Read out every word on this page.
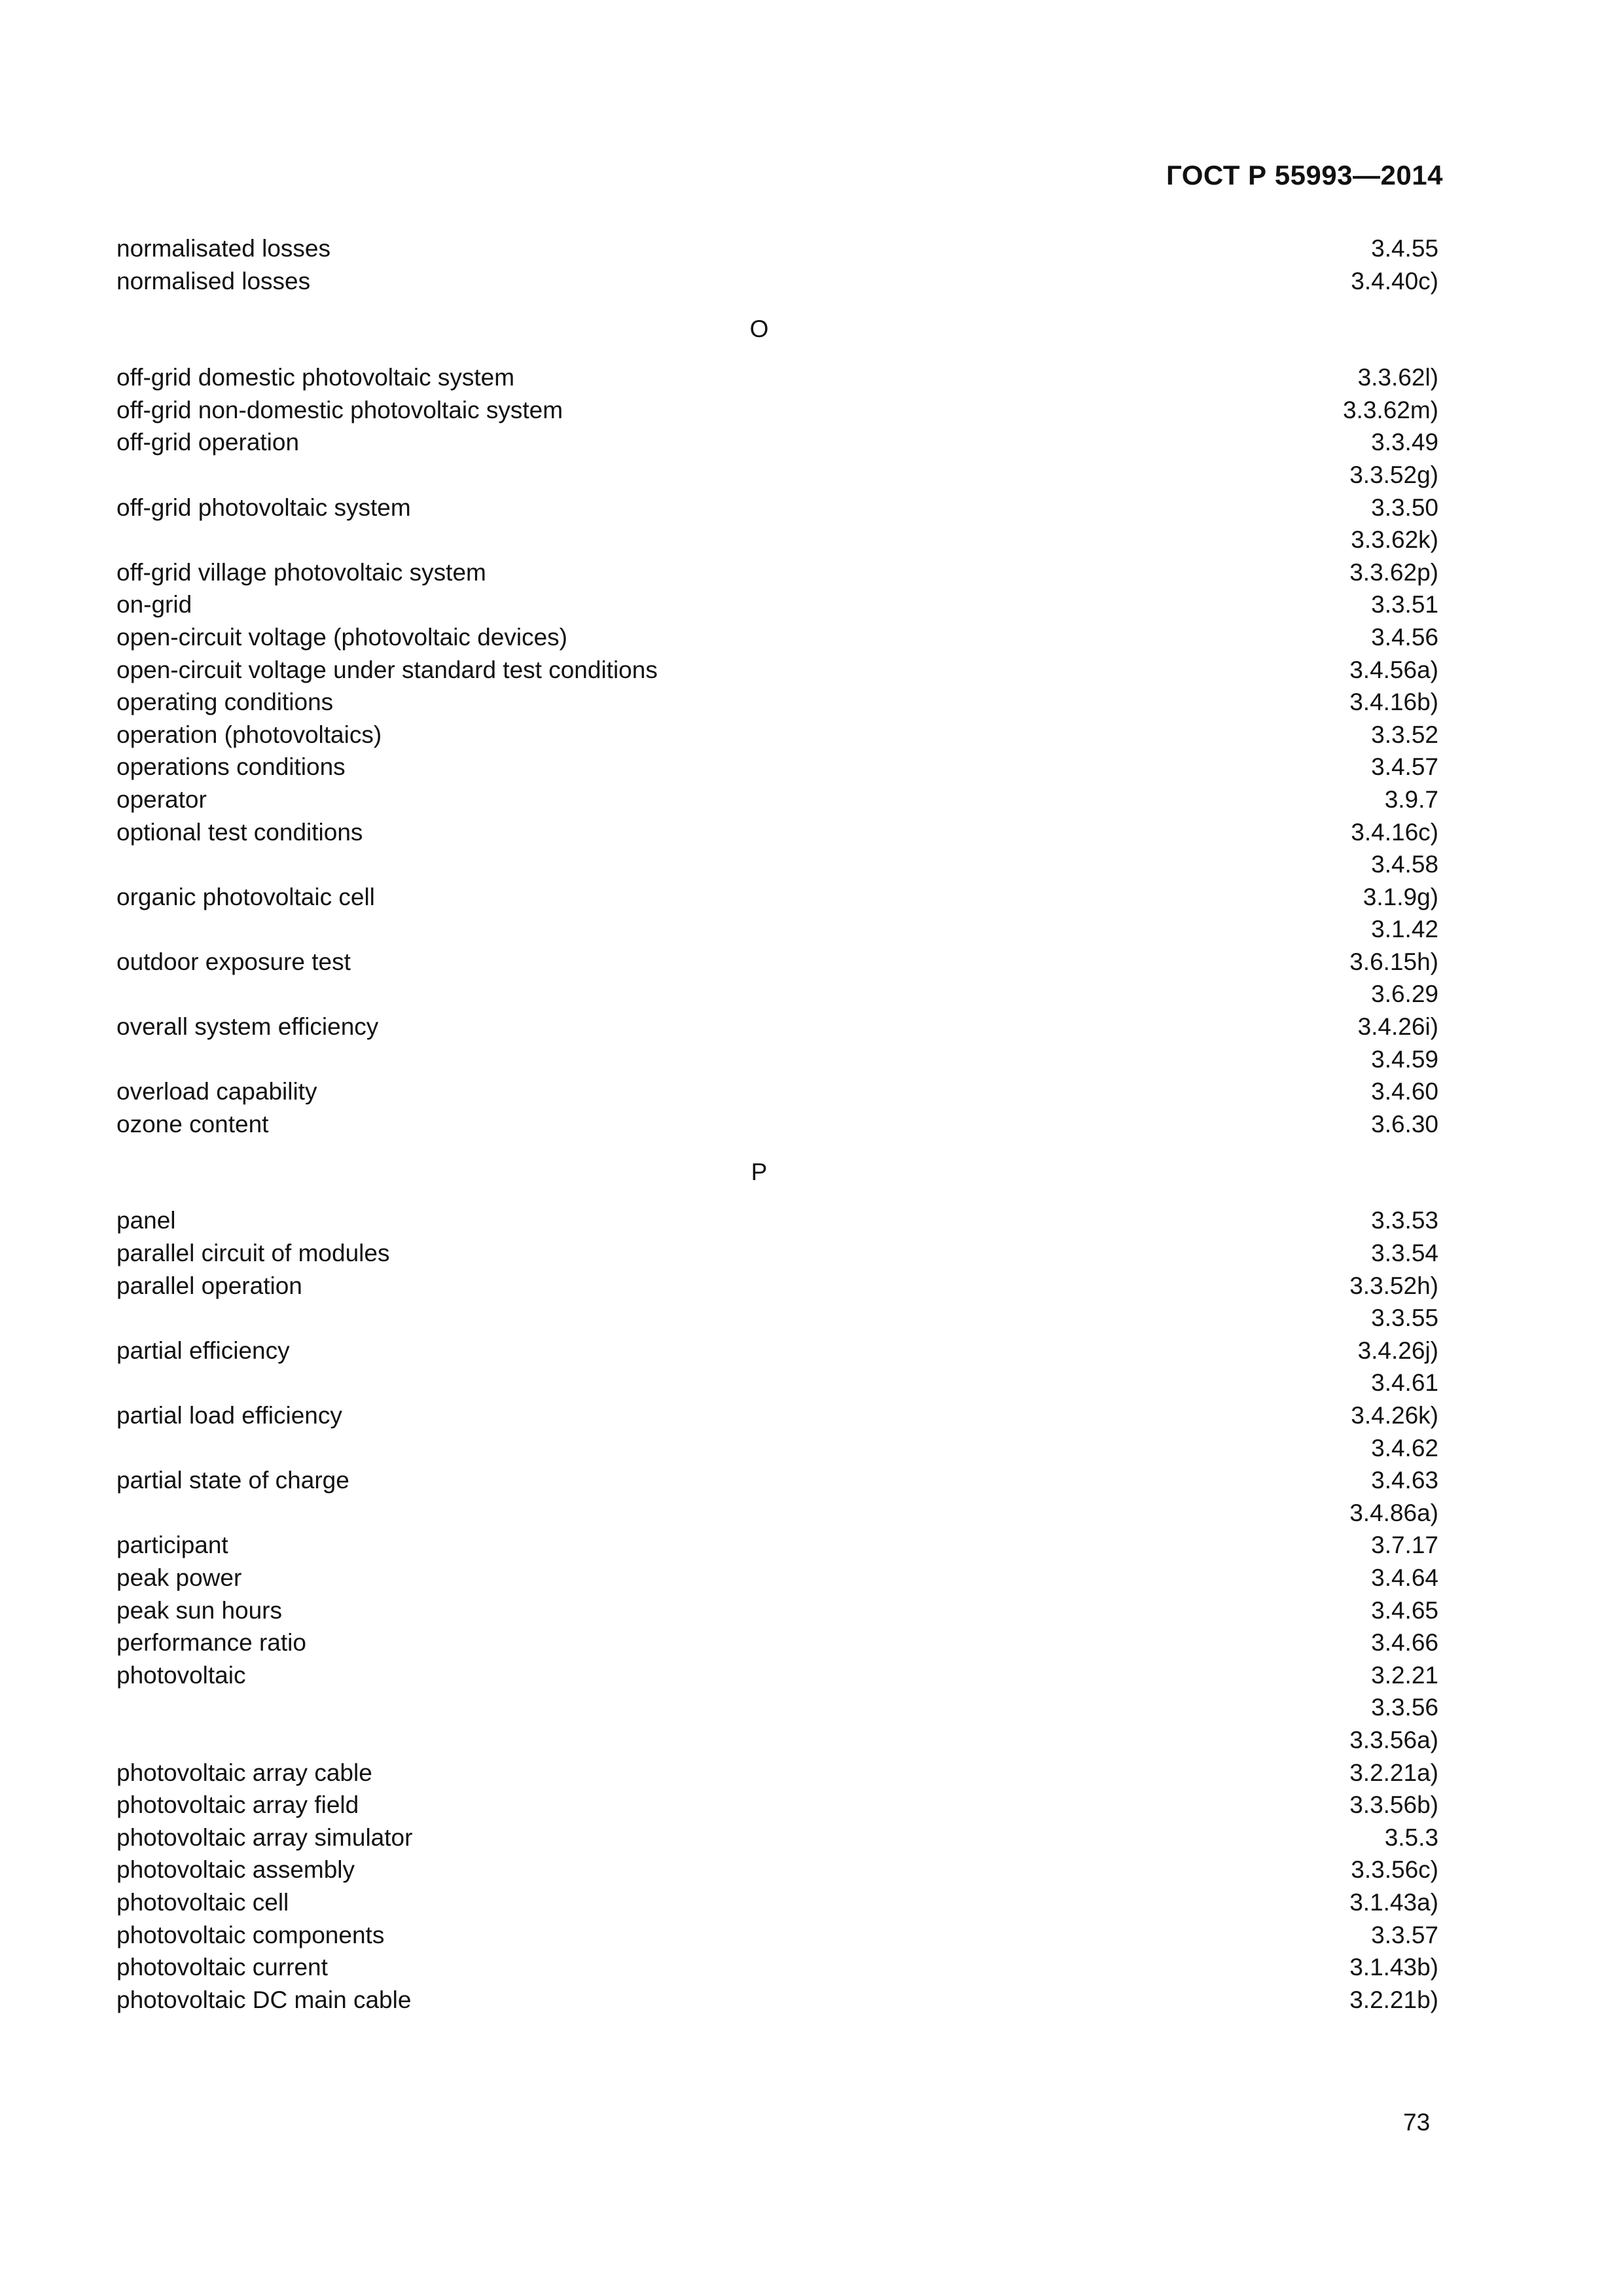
ГОСТ Р 55993—2014
normalisated losses	3.4.55
normalised losses	3.4.40c)
O
off-grid domestic photovoltaic system	3.3.62l)
off-grid non-domestic photovoltaic system	3.3.62m)
off-grid operation	3.3.49
3.3.52g)
off-grid photovoltaic system	3.3.50
3.3.62k)
off-grid village photovoltaic system	3.3.62p)
on-grid	3.3.51
open-circuit voltage (photovoltaic devices)	3.4.56
open-circuit voltage under standard test conditions	3.4.56a)
operating conditions	3.4.16b)
operation (photovoltaics)	3.3.52
operations conditions	3.4.57
operator	3.9.7
optional test conditions	3.4.16c)
3.4.58
organic photovoltaic cell	3.1.9g)
3.1.42
outdoor exposure test	3.6.15h)
3.6.29
overall system efficiency	3.4.26i)
3.4.59
overload capability	3.4.60
ozone content	3.6.30
P
panel	3.3.53
parallel circuit of modules	3.3.54
parallel operation	3.3.52h)
3.3.55
partial efficiency	3.4.26j)
3.4.61
partial load efficiency	3.4.26k)
3.4.62
partial state of charge	3.4.63
3.4.86a)
participant	3.7.17
peak power	3.4.64
peak sun hours	3.4.65
performance ratio	3.4.66
photovoltaic	3.2.21
3.3.56
3.3.56a)
photovoltaic array cable	3.2.21a)
photovoltaic array field	3.3.56b)
photovoltaic array simulator	3.5.3
photovoltaic assembly	3.3.56c)
photovoltaic cell	3.1.43a)
photovoltaic components	3.3.57
photovoltaic current	3.1.43b)
photovoltaic DC main cable	3.2.21b)
73
